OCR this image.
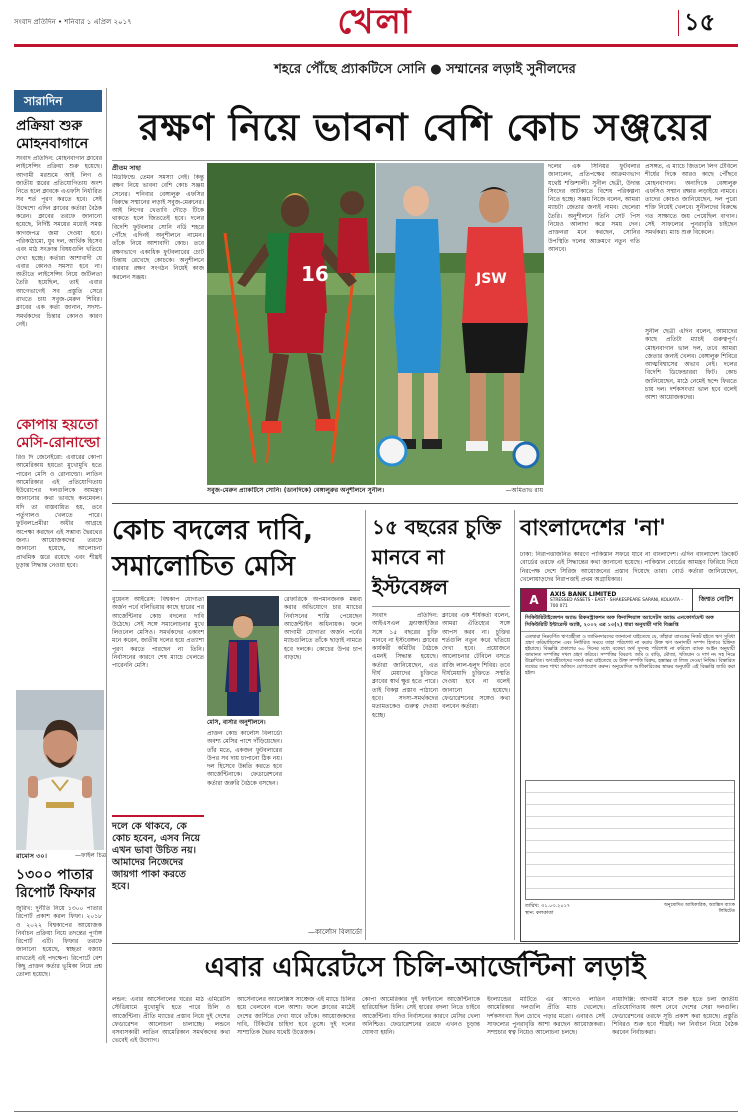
সংবাদ প্রতিদিন • শনিবার ১ এপ্রিল ২০১৭	খেলা	১৫
শহরে পৌঁছে প্র্যাকটিসে সোনি ● সম্মানের লড়াই সুনীলদের
সারাদিন
প্রক্রিয়া শুরু মোহনবাগানে
সংবাদ প্রতিদিন: মোহনবাগান ক্লাবের লাইসেন্সিং প্রক্রিয়া শুরু হয়েছে। আগামী মরশুমে আই লিগ ও জাতীয় স্তরের প্রতিযোগিতায় অংশ নিতে হলে ক্লাবকে এএফসি নির্ধারিত সব শর্ত পূরণ করতে হবে। সেই উদ্দেশ্যে এদিন ক্লাবের কর্তারা বৈঠক করেন। ক্লাবের তরফে জানানো হয়েছে, নির্দিষ্ট সময়ের মধ্যেই সমস্ত কাগজপত্র জমা দেওয়া হবে। পরিকাঠামো, যুব দল, আর্থিক হিসেব এবং মাঠ সংক্রান্ত বিষয়গুলি খতিয়ে দেখা হচ্ছে। কর্তারা আশাবাদী যে এবার কোনও সমস্যা হবে না। অতীতে লাইসেন্সিং নিয়ে জটিলতা তৈরি হয়েছিল, তাই এবার আগেভাগেই সব প্রস্তুতি সেরে রাখতে চায় সবুজ-মেরুন শিবির। ক্লাবের এক কর্তা জানান, সদস্য-সমর্থকদের চিন্তার কোনও কারণ নেই।
কোপায় হয়তো মেসি-রোনাল্ডো
রিও দি জেনেইরো: এবারের কোপা আমেরিকায় হয়তো মুখোমুখি হতে পারেন মেসি ও রোনাল্ডো। লাতিন আমেরিকার এই প্রতিযোগিতায় ইউরোপের দলগুলিকে আমন্ত্রণ জানানোর কথা ভাবছে কনমেবল। যদি তা বাস্তবায়িত হয়, তবে পর্তুগালও খেলতে পারে। ফুটবলপ্রেমীরা অধীর আগ্রহে অপেক্ষা করছেন এই সম্ভাব্য দ্বৈরথের জন্য। আয়োজকদের তরফে জানানো হয়েছে, আলোচনা প্রাথমিক স্তরে রয়েছে এবং শীঘ্রই চূড়ান্ত সিদ্ধান্ত নেওয়া হবে।
রামোস ৩০।	—ফাইল চিত্র
১৩০০ পাতার রিপোর্ট ফিফার
জুরিখ: দুর্নীতি নিয়ে ১৩০০ পাতার রিপোর্ট প্রকাশ করল ফিফা। ২০১৮ ও ২০২২ বিশ্বকাপের আয়োজক নির্বাচন প্রক্রিয়া নিয়ে তদন্তের পূর্ণাঙ্গ রিপোর্ট এটি। ফিফার তরফে জানানো হয়েছে, স্বচ্ছতা বজায় রাখতেই এই পদক্ষেপ। রিপোর্টে বেশ কিছু প্রাক্তন কর্তার ভূমিকা নিয়ে প্রশ্ন তোলা হয়েছে।
রক্ষণ নিয়ে ভাবনা বেশি কোচ সঞ্জয়ের
প্রীতম সাহা
মিডফিল্ডে তেমন সমস্যা নেই। কিন্তু রক্ষণ নিয়ে ভাবনা বেশি কোচ সঞ্জয় সেনের। শনিবার বেঙ্গালুরু এফসির বিরুদ্ধে সম্মানের লড়াই সবুজ-মেরুনের। আই লিগের খেতাবি দৌড়ে টিকে থাকতে হলে জিততেই হবে। দলের বিদেশি ফুটবলার সোনি নর্ডি শহরে পৌঁছে এদিনই অনুশীলনে নামেন। তাঁকে নিয়ে আশাবাদী কোচ। তবে রক্ষণভাগে একাধিক ফুটবলারের চোট চিন্তায় রেখেছে কোচকে। অনুশীলনে বারবার রক্ষণ সংগঠন নিয়েই কাজ করলেন সঞ্জয়।	16	JSW
সবুজ-মেরুন প্র্যাকটিসে সোনি। (ডানদিকে) বেঙ্গালুরুর অনুশীলনে সুনীল।	—অমিতাভ রায়
দলের এক সিনিয়র ফুটবলার জানালেন, প্রতিপক্ষের আক্রমণভাগ যথেষ্ট শক্তিশালী। সুনীল ছেত্রী, উদান্ত সিংদের আটকাতে বিশেষ পরিকল্পনা নিতে হচ্ছে। সঞ্জয় নিজে বলেন, আমরা ম্যাচটা জেতার জন্যই নামব। ছেলেরা তৈরি। অনুশীলনে তিনি সেট পিস নিয়েও আলাদা করে সময় দেন। প্রাক্তনরা মনে করছেন, সোনির উপস্থিতি দলের আক্রমণে নতুন গতি আনবে।
প্রসঙ্গত, এ ম্যাচে জিতলে লিগ টেবিলে শীর্ষের দিকে আরও কাছে পৌঁছবে মোহনবাগান। অন্যদিকে বেঙ্গালুরু এফসিও সম্মান রক্ষার লড়াইয়ে নামবে। তাদের কোচও জানিয়েছেন, দল পুরো শক্তি নিয়েই খেলবে। সুনীলদের বিরুদ্ধে গত সাক্ষাতে জয় পেয়েছিল বাগান। সেই সাফল্যের পুনরাবৃত্তি চাইছেন সমর্থকরা। ম্যাচ শুরু বিকেলে।
সুনীল ছেত্রী এদিন বলেন, আমাদের কাছে প্রতিটা ম্যাচই গুরুত্বপূর্ণ। মোহনবাগান ভাল দল, তবে আমরা জেতার জন্যই খেলব। বেঙ্গালুরু শিবিরে আত্মবিশ্বাসের অভাব নেই। দলের বিদেশি ডিফেন্ডাররা ফিট। কোচ জানিয়েছেন, মাঠে নেমেই ছন্দে ফিরতে চায় দল। দর্শকসংখ্যা ভাল হবে বলেই আশা আয়োজকদের।
কোচ বদলের দাবি,
সমালোচিত মেসি
বুয়েনস আইরেস: বিশ্বকাপ যোগ্যতা অর্জন পর্বে বলিভিয়ার কাছে হারের পর আর্জেন্টিনার কোচ বদলের দাবি উঠেছে। সেই সঙ্গে সমালোচনার মুখে লিওনেল মেসিও। সমর্থকদের একাংশ মনে করেন, জাতীয় দলের হয়ে প্রত্যাশা পূরণ করতে পারছেন না তিনি। নির্বাসনের কারণে শেষ ম্যাচে খেলতে পারেননি মেসি।
মেসি, বার্সার অনুশীলনে।
রেফারিকে অপমানজনক মন্তব্য করার অভিযোগে চার ম্যাচের নির্বাসনের শাস্তি পেয়েছেন আর্জেন্টাইন অধিনায়ক। ফলে আগামী যোগ্যতা অর্জন পর্বের ম্যাচগুলিতে তাঁকে ছাড়াই নামতে হবে দলকে। কোচের উপর চাপ বাড়ছে।
প্রাক্তন কোচ কার্লোস বিলার্ডো অবশ্য মেসির পাশে দাঁড়িয়েছেন। তাঁর মতে, একজন ফুটবলারের উপর সব দায় চাপানো ঠিক নয়। দল হিসেবে উন্নতি করতে হবে আর্জেন্টিনাকে। ফেডারেশনের কর্তারা জরুরি বৈঠকে বসছেন।
দলে কে থাকবে, কে কোচ হবেন, এসব নিয়ে এখন ভাবা উচিত নয়। আমাদের নিজেদের জায়গা পাকা করতে হবে।
—কার্লোস বিলার্ডো
১৫ বছরের চুক্তি মানবে না ইস্টবেঙ্গল
সংবাদ প্রতিদিন: আইএসএল ফ্র্যাঞ্চাইজির সঙ্গে ১৫ বছরের চুক্তি মানবে না ইস্টবেঙ্গল। ক্লাবের কার্যকরী কমিটির বৈঠকে এমনই সিদ্ধান্ত হয়েছে। কর্তারা জানিয়েছেন, এত দীর্ঘ মেয়াদের চুক্তিতে ক্লাবের স্বার্থ ক্ষুণ্ণ হতে পারে। তাই বিকল্প প্রস্তাব পাঠানো হবে। সদস্য-সমর্থকদের মতামতকেও গুরুত্ব দেওয়া হচ্ছে।
ক্লাবের এক শীর্ষকর্তা বলেন, আমরা ঐতিহ্যের সঙ্গে আপস করব না। চুক্তির শর্তগুলি নতুন করে খতিয়ে দেখা হবে। প্রয়োজনে আলোচনার টেবিলে বসতে রাজি লাল-হলুদ শিবির। তবে দীর্ঘমেয়াদি চুক্তিতে সম্মতি দেওয়া হবে না বলেই জানানো হয়েছে। ফেডারেশনের সঙ্গেও কথা বলবেন কর্তারা।
বাংলাদেশের 'না'
ঢাকা: নিরাপত্তাজনিত কারণে পাকিস্তান সফরে যাবে না বাংলাদেশ। এদিন বাংলাদেশ ক্রিকেট বোর্ডের তরফে এই সিদ্ধান্তের কথা জানানো হয়েছে। পাকিস্তান বোর্ডের আমন্ত্রণ ফিরিয়ে দিয়ে নিরপেক্ষ দেশে সিরিজ আয়োজনের প্রস্তাব দিয়েছে তারা। বোর্ড কর্তারা জানিয়েছেন, খেলোয়াড়দের নিরাপত্তাই প্রথম অগ্রাধিকার।
A	AXIS BANK LIMITED
STRESSED ASSETS - EAST · SHAKESPEARE SARANI, KOLKATA - 700 071
জিম্মত নোটিশ
সিকিউরিটাইজেশন অ্যান্ড রিকনস্ট্রাকশন অফ ফিনান্সিয়াল অ্যাসেটস অ্যান্ড এনফোর্সমেন্ট অফ সিকিউরিটি ইন্টারেস্ট অ্যাক্ট, ২০০২ এর ১৩(২) ধারা অনুযায়ী দাবি বিজ্ঞপ্তি
এতদ্বারা নিম্নবর্ণিত ঋণগ্রহীতা ও জামিনদারদের জানানো যাইতেছে যে, তাঁহারা ব্যাংকের নিকট হইতে ঋণ সুবিধা গ্রহণ করিয়াছিলেন এবং নির্ধারিত সময়ে তাহা পরিশোধ না করায় উক্ত ঋণ অনাদায়ী সম্পদ হিসাবে চিহ্নিত হইয়াছে। বিজ্ঞপ্তি প্রকাশের ৬০ দিনের মধ্যে বকেয়া অর্থ সুদসহ পরিশোধ না করিলে ব্যাংক আইন অনুযায়ী জামানত সম্পত্তির দখল গ্রহণ করিবে। সম্পত্তির বিবরণ: জমি ও বাড়ি, মৌজা, খতিয়ান ও দাগ নং সহ নিম্নে উল্লেখিত। ঋণগ্রহীতাদের সতর্ক করা যাইতেছে যে উক্ত সম্পত্তি বিক্রয়, হস্তান্তর বা লিজ দেওয়া নিষিদ্ধ। বিস্তারিত তথ্যের জন্য শাখা অফিসে যোগাযোগ করুন। অনুমোদিত আধিকারিকের স্বাক্ষর অনুযায়ী এই বিজ্ঞপ্তি জারি করা হইল।
তারিখ: ৩১.০৩.২০১৭
স্থান: কলকাতা
অনুমোদিত আধিকারিক, অ্যাক্সিস ব্যাংক লিমিটেড
এবার এমিরেটসে চিলি-আর্জেন্টিনা লড়াই
লন্ডন: এবার আর্সেনালের ঘরের মাঠ এমিরেটস স্টেডিয়ামে মুখোমুখি হতে পারে চিলি ও আর্জেন্টিনা। প্রীতি ম্যাচের প্রস্তাব নিয়ে দুই দেশের ফেডারেশন আলোচনা চালাচ্ছে। লন্ডনে বসবাসকারী লাতিন আমেরিকান সমর্থকদের কথা ভেবেই এই উদ্যোগ।
আর্সেনালের অ্যালেক্সিস সাঞ্চেজ এই ম্যাচে চিলির হয়ে খেলবেন বলে আশা। ফলে ক্লাবের মাঠেই দেশের জার্সিতে দেখা যাবে তাঁকে। আয়োজকদের দাবি, টিকিটের চাহিদা হবে তুঙ্গে। দুই দলের সাম্প্রতিক দ্বৈরথ যথেষ্ট উত্তেজক।
কোপা আমেরিকার দুই ফাইনালে আর্জেন্টিনাকে হারিয়েছিল চিলি। সেই হারের বদলা নিতে চাইবে আর্জেন্টিনা। যদিও নির্বাসনের কারণে মেসির খেলা অনিশ্চিত। ফেডারেশনের তরফে এখনও চূড়ান্ত ঘোষণা হয়নি।
ইংল্যান্ডের মাটিতে এর আগেও লাতিন আমেরিকার দলগুলি প্রীতি ম্যাচ খেলেছে। দর্শকসংখ্যা ছিল চোখে পড়ার মতো। এবারও সেই সাফল্যের পুনরাবৃত্তি আশা করছেন আয়োজকরা। সম্প্রচার স্বত্ব নিয়েও আলোচনা চলছে।
নায়াদিল্লি: আগামী মাসে শুরু হতে চলা জাতীয় প্রতিযোগিতায় অংশ নেবে দেশের সেরা দলগুলি। ফেডারেশনের তরফে সূচি প্রকাশ করা হয়েছে। প্রস্তুতি শিবিরও শুরু হবে শীঘ্রই। দল নির্বাচন নিয়ে বৈঠক করবেন নির্বাচকরা।
